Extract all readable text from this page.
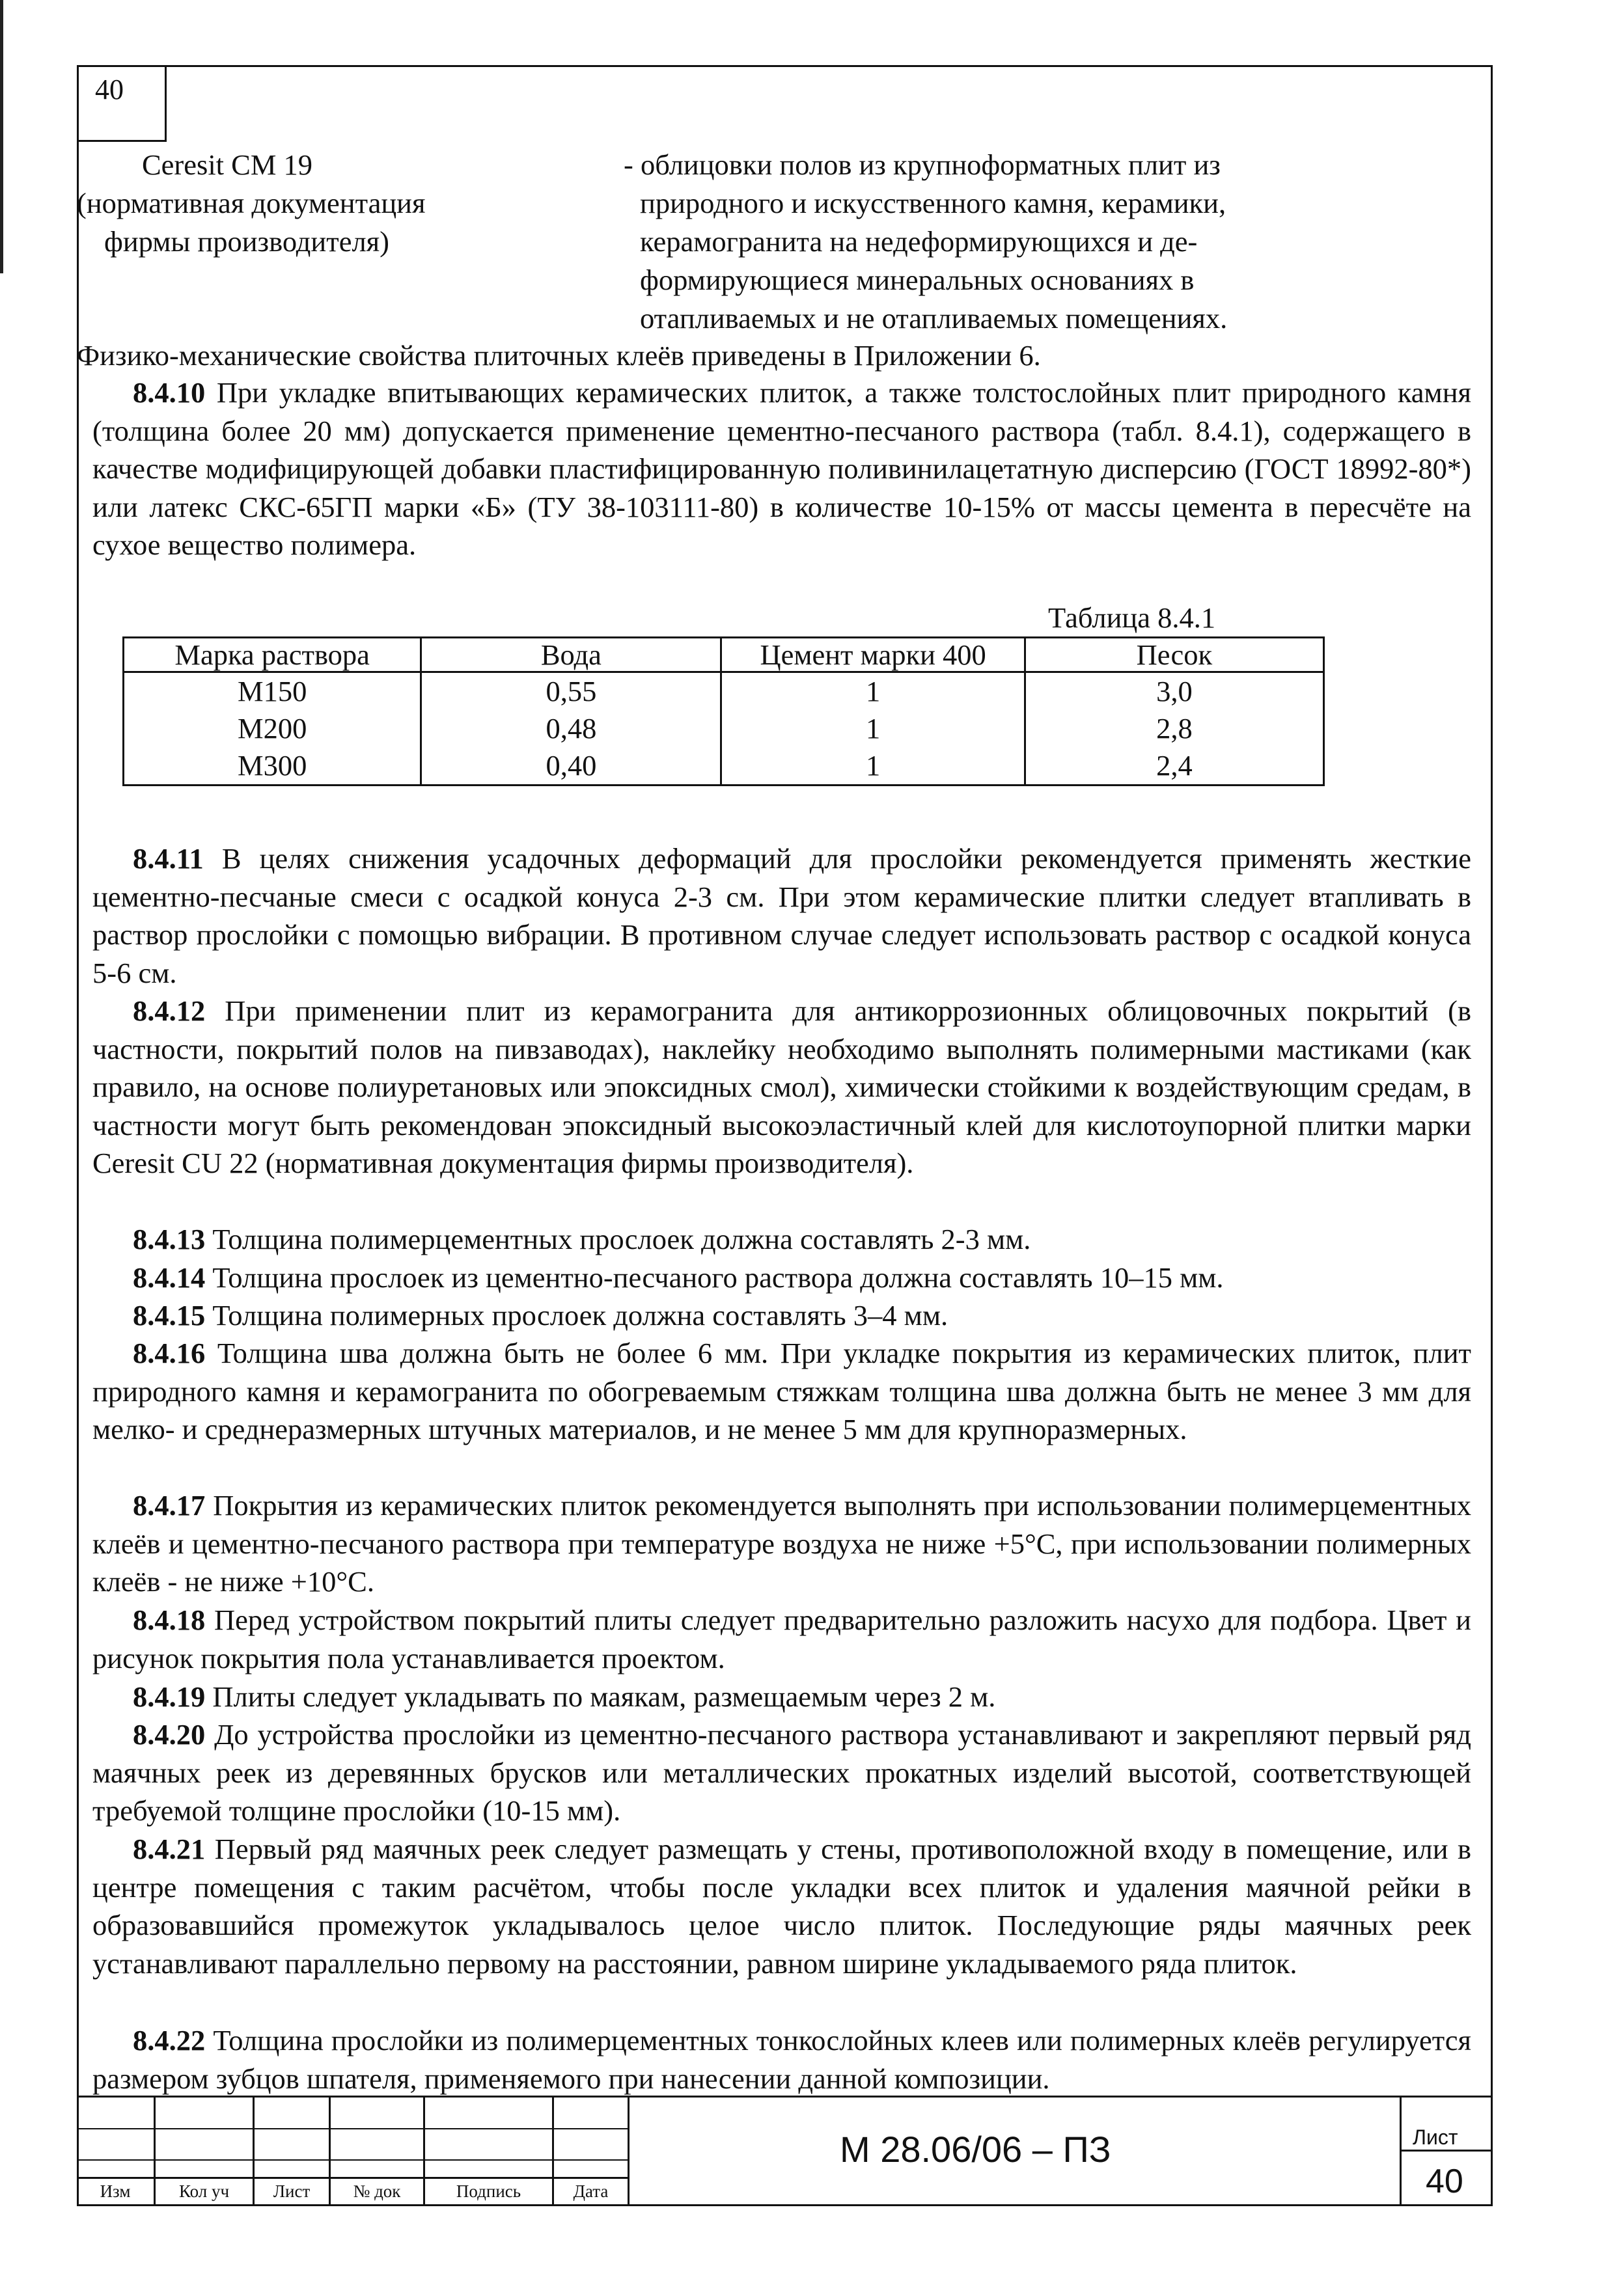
40
Ceresit CM 19
(нормативная документация
фирмы производителя)
- облицовки полов из крупноформатных плит из
природного и искусственного камня, керамики,
керамогранита на недеформирующихся и де-
формирующиеся минеральных основаниях в
отапливаемых и не отапливаемых помещениях.
Физико-механические свойства плиточных клеёв приведены в Приложении 6.

8.4.10 При укладке впитывающих керамических плиток, а также толстослойных плит природного камня (толщина более 20 мм) допускается применение цементно-песчаного раствора (табл. 8.4.1), содержащего в качестве модифицирующей добавки пластифицированную поливинилацетатную дисперсию (ГОСТ 18992-80*) или латекс СКС-65ГП марки «Б» (ТУ 38-103111-80) в количестве 10-15% от массы цемента в пересчёте на сухое вещество полимера.

Таблица 8.4.1
Марка раствора	Вода	Цемент марки 400	Песок
М150	0,55	1	3,0
М200	0,48	1	2,8
М300	0,40	1	2,4

8.4.11 В целях снижения усадочных деформаций для прослойки рекомендуется применять жесткие цементно-песчаные смеси с осадкой конуса 2-3 см. При этом керамические плитки следует втапливать в раствор прослойки с помощью вибрации. В противном случае следует использовать раствор с осадкой конуса 5-6 см.

8.4.12 При применении плит из керамогранита для антикоррозионных облицовочных покрытий (в частности, покрытий полов на пивзаводах), наклейку необходимо выполнять полимерными мастиками (как правило, на основе полиуретановых или эпоксидных смол), химически стойкими к воздействующим средам, в частности могут быть рекомендован эпоксидный высокоэластичный клей для кислотоупорной плитки марки Ceresit CU 22 (нормативная документация фирмы производителя).

8.4.13 Толщина полимерцементных прослоек должна составлять 2-3 мм.

8.4.14 Толщина прослоек из цементно-песчаного раствора должна составлять 10–15 мм.

8.4.15 Толщина полимерных прослоек должна составлять 3–4 мм.

8.4.16 Толщина шва должна быть не более 6 мм. При укладке покрытия из керамических плиток, плит природного камня и керамогранита по обогреваемым стяжкам толщина шва должна быть не менее 3 мм для мелко- и среднеразмерных штучных материалов, и не менее 5 мм для крупноразмерных.

8.4.17 Покрытия из керамических плиток рекомендуется выполнять при использовании полимерцементных клеёв и цементно-песчаного раствора при температуре воздуха не ниже +5°С, при использовании полимерных клеёв - не ниже +10°С.

8.4.18 Перед устройством покрытий плиты следует предварительно разложить насухо для подбора. Цвет и рисунок покрытия пола устанавливается проектом.

8.4.19 Плиты следует укладывать по маякам, размещаемым через 2 м.

8.4.20 До устройства прослойки из цементно-песчаного раствора устанавливают и закрепляют первый ряд маячных реек из деревянных брусков или металлических прокатных изделий высотой, соответствующей требуемой толщине прослойки (10-15 мм).

8.4.21 Первый ряд маячных реек следует размещать у стены, противоположной входу в помещение, или в центре помещения с таким расчётом, чтобы после укладки всех плиток и удаления маячной рейки в образовавшийся промежуток укладывалось целое число плиток. Последующие ряды маячных реек устанавливают параллельно первому на расстоянии, равном ширине укладываемого ряда плиток.

8.4.22 Толщина прослойки из полимерцементных тонкослойных клеев или полимерных клеёв регулируется размером зубцов шпателя, применяемого при нанесении данной композиции.

Изм	Кол уч	Лист	№ док	Подпись	Дата
М 28.06/06 – ПЗ	Лист
40
